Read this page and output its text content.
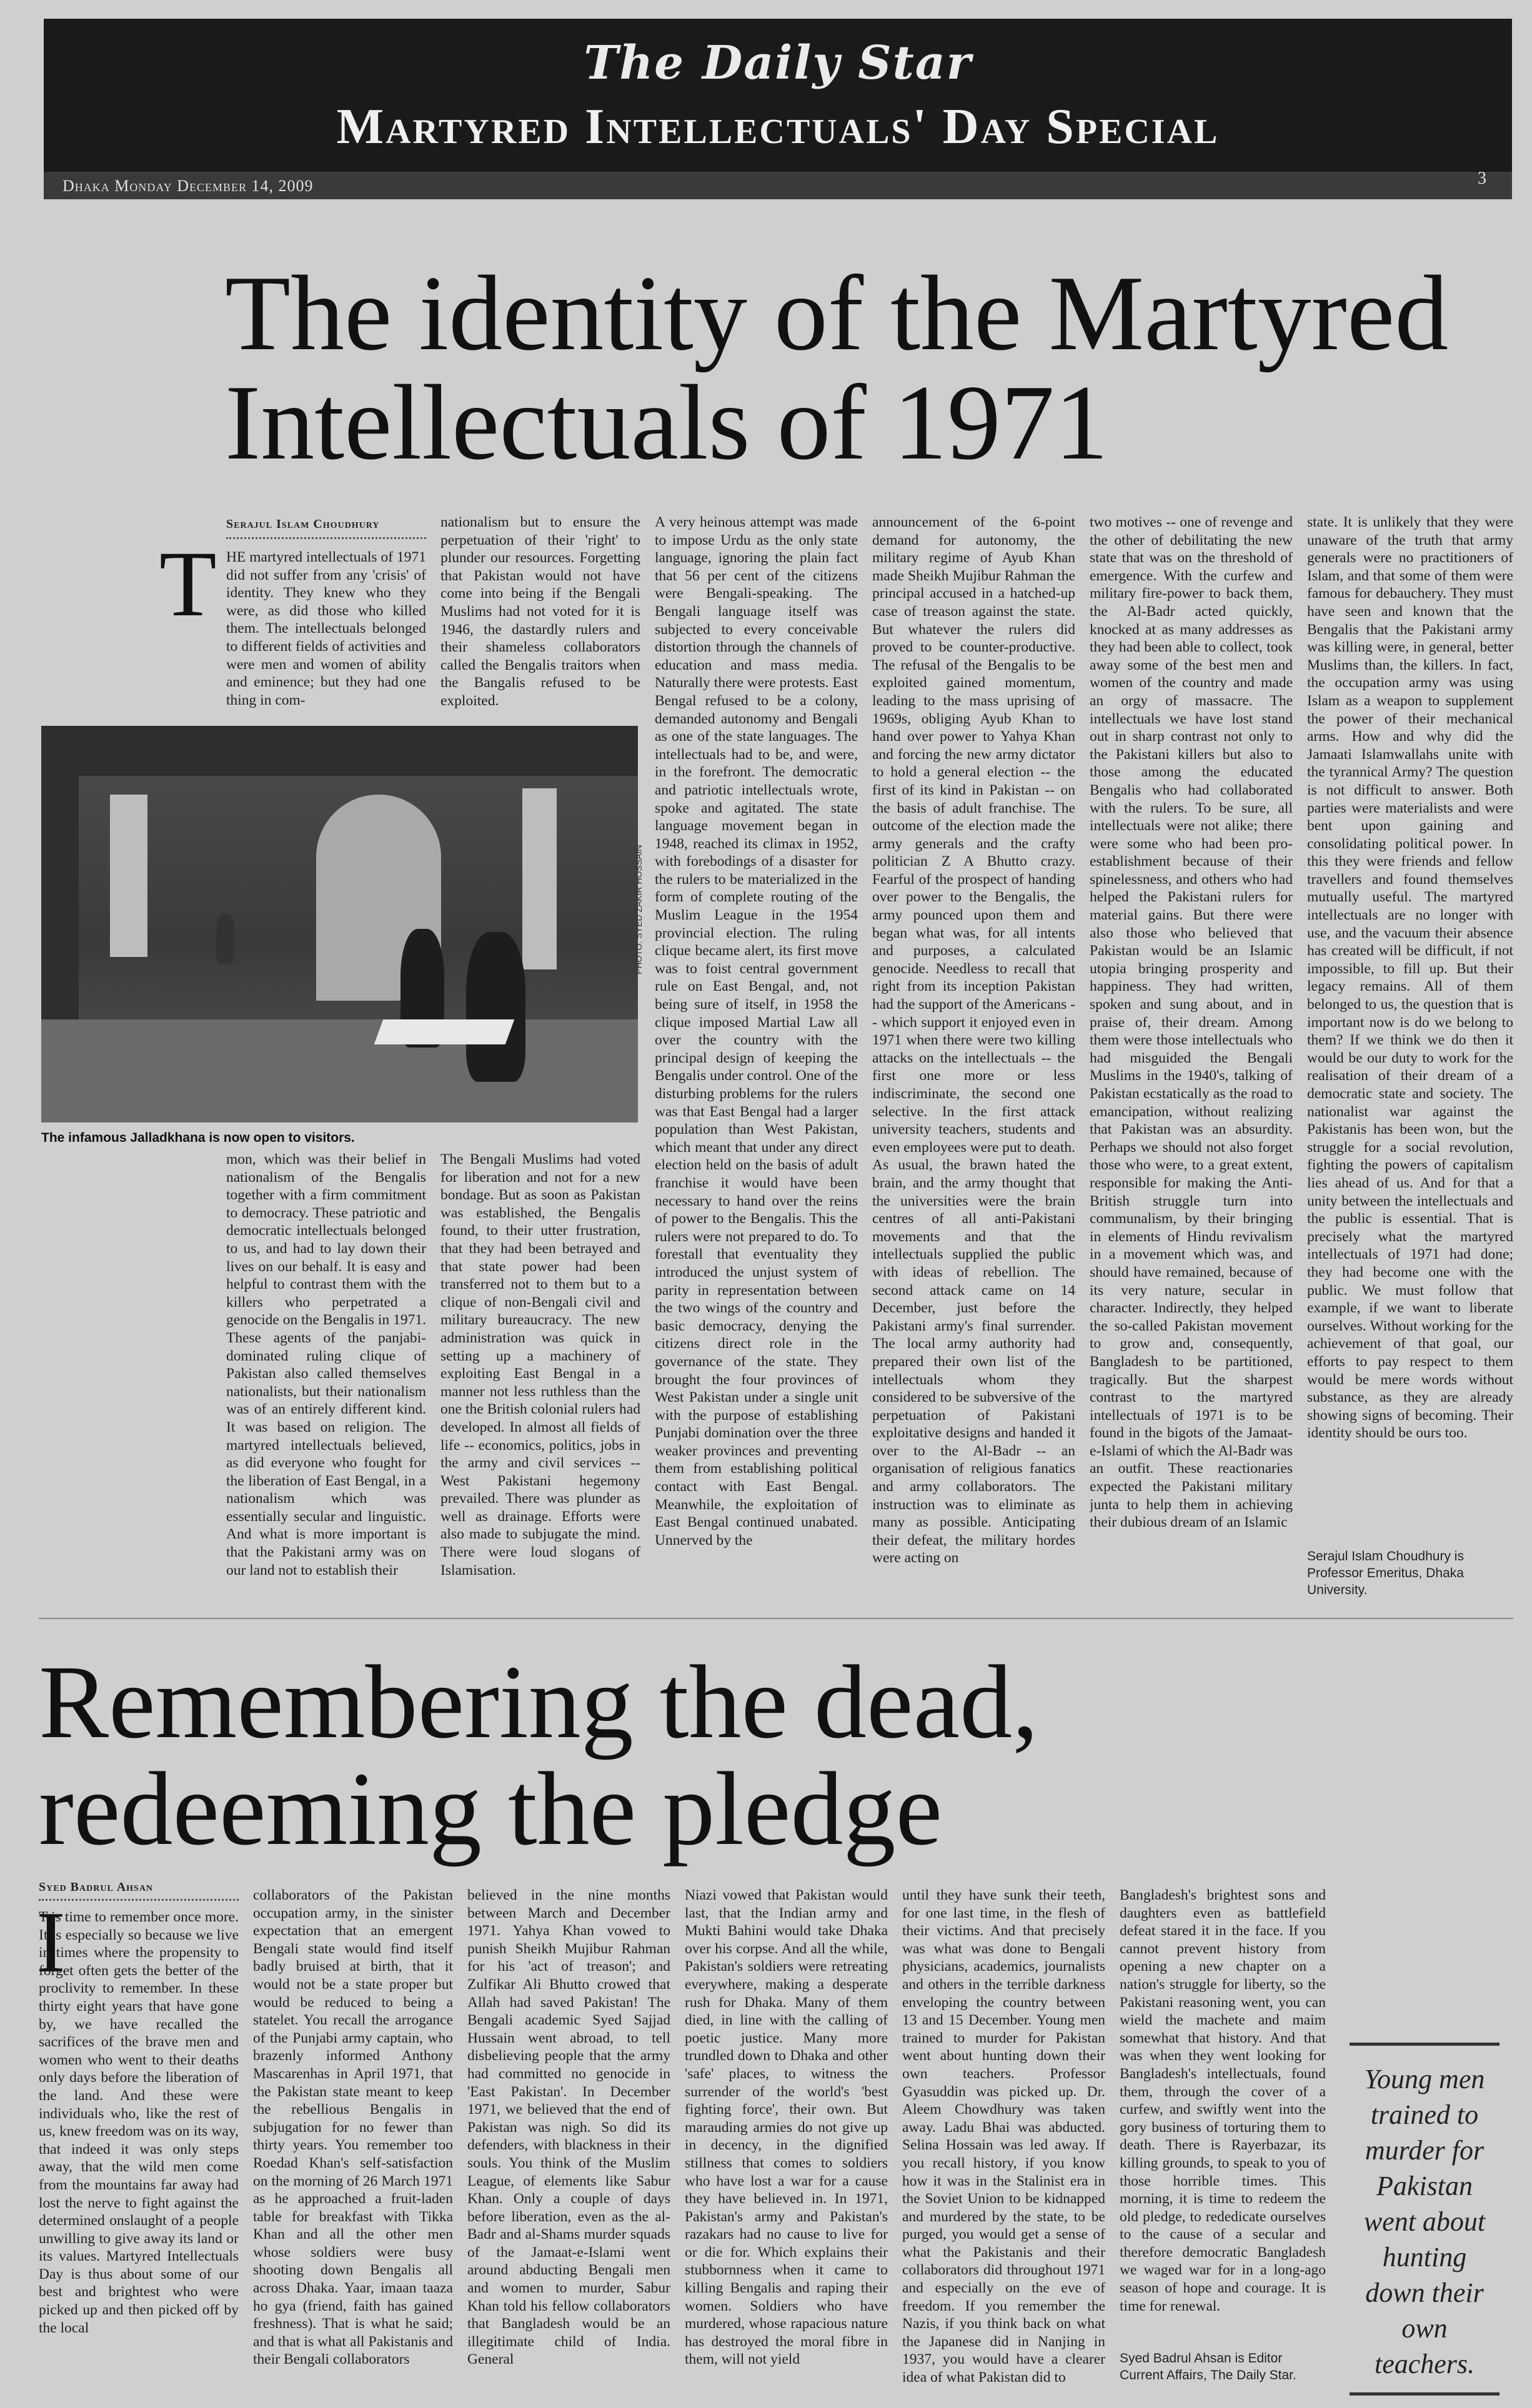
The Daily Star
Martyred Intellectuals' Day Special
Dhaka Monday December 14, 2009	3
The identity of the Martyred Intellectuals of 1971
Serajul Islam Choudhury
T HE martyred intellectuals of 1971 did not suffer from any 'crisis' of identity. They knew who they were, as did those who killed them. The intellectuals belonged to different fields of activities and were men and women of ability and eminence; but they had one thing in com-

nationalism but to ensure the perpetuation of their 'right' to plunder our resources. Forgetting that Pakistan would not have come into being if the Bengali Muslims had not voted for it is 1946, the dastardly rulers and their shameless collaborators called the Bengalis traitors when the Bangalis refused to be exploited.

PHOTO: SYED ZAKIR HOSSAIN
The infamous Jalladkhana is now open to visitors.

mon, which was their belief in nationalism of the Bengalis together with a firm commitment to democracy. These patriotic and democratic intellectuals belonged to us, and had to lay down their lives on our behalf. It is easy and helpful to contrast them with the killers who perpetrated a genocide on the Bengalis in 1971. These agents of the panjabi-dominated ruling clique of Pakistan also called themselves nationalists, but their nationalism was of an entirely different kind. It was based on religion. The martyred intellectuals believed, as did everyone who fought for the liberation of East Bengal, in a nationalism which was essentially secular and linguistic. And what is more important is that the Pakistani army was on our land not to establish their

The Bengali Muslims had voted for liberation and not for a new bondage. But as soon as Pakistan was established, the Bengalis found, to their utter frustration, that they had been betrayed and that state power had been transferred not to them but to a clique of non-Bengali civil and military bureaucracy. The new administration was quick in setting up a machinery of exploiting East Bengal in a manner not less ruthless than the one the British colonial rulers had developed. In almost all fields of life -- economics, politics, jobs in the army and civil services -- West Pakistani hegemony prevailed. There was plunder as well as drainage. Efforts were also made to subjugate the mind. There were loud slogans of Islamisation.

A very heinous attempt was made to impose Urdu as the only state language, ignoring the plain fact that 56 per cent of the citizens were Bengali-speaking. The Bengali language itself was subjected to every conceivable distortion through the channels of education and mass media. Naturally there were protests. East Bengal refused to be a colony, demanded autonomy and Bengali as one of the state languages. The intellectuals had to be, and were, in the forefront. The democratic and patriotic intellectuals wrote, spoke and agitated. The state language movement began in 1948, reached its climax in 1952, with forebodings of a disaster for the rulers to be materialized in the form of complete routing of the Muslim League in the 1954 provincial election. The ruling clique became alert, its first move was to foist central government rule on East Bengal, and, not being sure of itself, in 1958 the clique imposed Martial Law all over the country with the principal design of keeping the Bengalis under control. One of the disturbing problems for the rulers was that East Bengal had a larger population than West Pakistan, which meant that under any direct election held on the basis of adult franchise it would have been necessary to hand over the reins of power to the Bengalis. This the rulers were not prepared to do. To forestall that eventuality they introduced the unjust system of parity in representation between the two wings of the country and basic democracy, denying the citizens direct role in the governance of the state. They brought the four provinces of West Pakistan under a single unit with the purpose of establishing Punjabi domination over the three weaker provinces and preventing them from establishing political contact with East Bengal. Meanwhile, the exploitation of East Bengal continued unabated. Unnerved by the

announcement of the 6-point demand for autonomy, the military regime of Ayub Khan made Sheikh Mujibur Rahman the principal accused in a hatched-up case of treason against the state. But whatever the rulers did proved to be counter-productive. The refusal of the Bengalis to be exploited gained momentum, leading to the mass uprising of 1969s, obliging Ayub Khan to hand over power to Yahya Khan and forcing the new army dictator to hold a general election -- the first of its kind in Pakistan -- on the basis of adult franchise. The outcome of the election made the army generals and the crafty politician Z A Bhutto crazy. Fearful of the prospect of handing over power to the Bengalis, the army pounced upon them and began what was, for all intents and purposes, a calculated genocide. Needless to recall that right from its inception Pakistan had the support of the Americans -- which support it enjoyed even in 1971 when there were two killing attacks on the intellectuals -- the first one more or less indiscriminate, the second one selective. In the first attack university teachers, students and even employees were put to death. As usual, the brawn hated the brain, and the army thought that the universities were the brain centres of all anti-Pakistani movements and that the intellectuals supplied the public with ideas of rebellion. The second attack came on 14 December, just before the Pakistani army's final surrender. The local army authority had prepared their own list of the intellectuals whom they considered to be subversive of the perpetuation of Pakistani exploitative designs and handed it over to the Al-Badr -- an organisation of religious fanatics and army collaborators. The instruction was to eliminate as many as possible. Anticipating their defeat, the military hordes were acting on

two motives -- one of revenge and the other of debilitating the new state that was on the threshold of emergence. With the curfew and military fire-power to back them, the Al-Badr acted quickly, knocked at as many addresses as they had been able to collect, took away some of the best men and women of the country and made an orgy of massacre. The intellectuals we have lost stand out in sharp contrast not only to the Pakistani killers but also to those among the educated Bengalis who had collaborated with the rulers. To be sure, all intellectuals were not alike; there were some who had been pro-establishment because of their spinelessness, and others who had helped the Pakistani rulers for material gains. But there were also those who believed that Pakistan would be an Islamic utopia bringing prosperity and happiness. They had written, spoken and sung about, and in praise of, their dream. Among them were those intellectuals who had misguided the Bengali Muslims in the 1940's, talking of Pakistan ecstatically as the road to emancipation, without realizing that Pakistan was an absurdity. Perhaps we should not also forget those who were, to a great extent, responsible for making the Anti-British struggle turn into communalism, by their bringing in elements of Hindu revivalism in a movement which was, and should have remained, because of its very nature, secular in character. Indirectly, they helped the so-called Pakistan movement to grow and, consequently, Bangladesh to be partitioned, tragically. But the sharpest contrast to the martyred intellectuals of 1971 is to be found in the bigots of the Jamaat-e-Islami of which the Al-Badr was an outfit. These reactionaries expected the Pakistani military junta to help them in achieving their dubious dream of an Islamic

state. It is unlikely that they were unaware of the truth that army generals were no practitioners of Islam, and that some of them were famous for debauchery. They must have seen and known that the Bengalis that the Pakistani army was killing were, in general, better Muslims than, the killers. In fact, the occupation army was using Islam as a weapon to supplement the power of their mechanical arms. How and why did the Jamaati Islamwallahs unite with the tyrannical Army? The question is not difficult to answer. Both parties were materialists and were bent upon gaining and consolidating political power. In this they were friends and fellow travellers and found themselves mutually useful. The martyred intellectuals are no longer with use, and the vacuum their absence has created will be difficult, if not impossible, to fill up. But their legacy remains. All of them belonged to us, the question that is important now is do we belong to them? If we think we do then it would be our duty to work for the realisation of their dream of a democratic state and society. The nationalist war against the Pakistanis has been won, but the struggle for a social revolution, fighting the powers of capitalism lies ahead of us. And for that a unity between the intellectuals and the public is essential. That is precisely what the martyred intellectuals of 1971 had done; they had become one with the public. We must follow that example, if we want to liberate ourselves. Without working for the achievement of that goal, our efforts to pay respect to them would be mere words without substance, as they are already showing signs of becoming. Their identity should be ours too.

Serajul Islam Choudhury is Professor Emeritus, Dhaka University.
Remembering the dead, redeeming the pledge
Syed Badrul Ahsan
I

T is time to remember once more. It is especially so because we live in times where the propensity to forget often gets the better of the proclivity to remember. In these thirty eight years that have gone by, we have recalled the sacrifices of the brave men and women who went to their deaths only days before the liberation of the land. And these were individuals who, like the rest of us, knew freedom was on its way, that indeed it was only steps away, that the wild men come from the mountains far away had lost the nerve to fight against the determined onslaught of a people unwilling to give away its land or its values. Martyred Intellectuals Day is thus about some of our best and brightest who were picked up and then picked off by the local

collaborators of the Pakistan occupation army, in the sinister expectation that an emergent Bengali state would find itself badly bruised at birth, that it would not be a state proper but would be reduced to being a statelet. You recall the arrogance of the Punjabi army captain, who brazenly informed Anthony Mascarenhas in April 1971, that the Pakistan state meant to keep the rebellious Bengalis in subjugation for no fewer than thirty years. You remember too Roedad Khan's self-satisfaction on the morning of 26 March 1971 as he approached a fruit-laden table for breakfast with Tikka Khan and all the other men whose soldiers were busy shooting down Bengalis all across Dhaka. Yaar, imaan taaza ho gya (friend, faith has gained freshness). That is what he said; and that is what all Pakistanis and their Bengali collaborators

believed in the nine months between March and December 1971. Yahya Khan vowed to punish Sheikh Mujibur Rahman for his 'act of treason'; and Zulfikar Ali Bhutto crowed that Allah had saved Pakistan! The Bengali academic Syed Sajjad Hussain went abroad, to tell disbelieving people that the army had committed no genocide in 'East Pakistan'. In December 1971, we believed that the end of Pakistan was nigh. So did its defenders, with blackness in their souls. You think of the Muslim League, of elements like Sabur Khan. Only a couple of days before liberation, even as the al-Badr and al-Shams murder squads of the Jamaat-e-Islami went around abducting Bengali men and women to murder, Sabur Khan told his fellow collaborators that Bangladesh would be an illegitimate child of India. General

Niazi vowed that Pakistan would last, that the Indian army and Mukti Bahini would take Dhaka over his corpse. And all the while, Pakistan's soldiers were retreating everywhere, making a desperate rush for Dhaka. Many of them died, in line with the calling of poetic justice. Many more trundled down to Dhaka and other 'safe' places, to witness the surrender of the world's 'best fighting force', their own. But marauding armies do not give up in decency, in the dignified stillness that comes to soldiers who have lost a war for a cause they have believed in. In 1971, Pakistan's army and Pakistan's razakars had no cause to live for or die for. Which explains their stubbornness when it came to killing Bengalis and raping their women. Soldiers who have murdered, whose rapacious nature has destroyed the moral fibre in them, will not yield

until they have sunk their teeth, for one last time, in the flesh of their victims. And that precisely was what was done to Bengali physicians, academics, journalists and others in the terrible darkness enveloping the country between 13 and 15 December. Young men trained to murder for Pakistan went about hunting down their own teachers. Professor Gyasuddin was picked up. Dr. Aleem Chowdhury was taken away. Ladu Bhai was abducted. Selina Hossain was led away. If you recall history, if you know how it was in the Stalinist era in the Soviet Union to be kidnapped and murdered by the state, to be purged, you would get a sense of what the Pakistanis and their collaborators did throughout 1971 and especially on the eve of freedom. If you remember the Nazis, if you think back on what the Japanese did in Nanjing in 1937, you would have a clearer idea of what Pakistan did to

Bangladesh's brightest sons and daughters even as battlefield defeat stared it in the face. If you cannot prevent history from opening a new chapter on a nation's struggle for liberty, so the Pakistani reasoning went, you can wield the machete and maim somewhat that history. And that was when they went looking for Bangladesh's intellectuals, found them, through the cover of a curfew, and swiftly went into the gory business of torturing them to death. There is Rayerbazar, its killing grounds, to speak to you of those horrible times. This morning, it is time to redeem the old pledge, to rededicate ourselves to the cause of a secular and therefore democratic Bangladesh we waged war for in a long-ago season of hope and courage. It is time for renewal.

Syed Badrul Ahsan is Editor Current Affairs, The Daily Star.
Young men trained to murder for Pakistan went about hunting down their own teachers.
